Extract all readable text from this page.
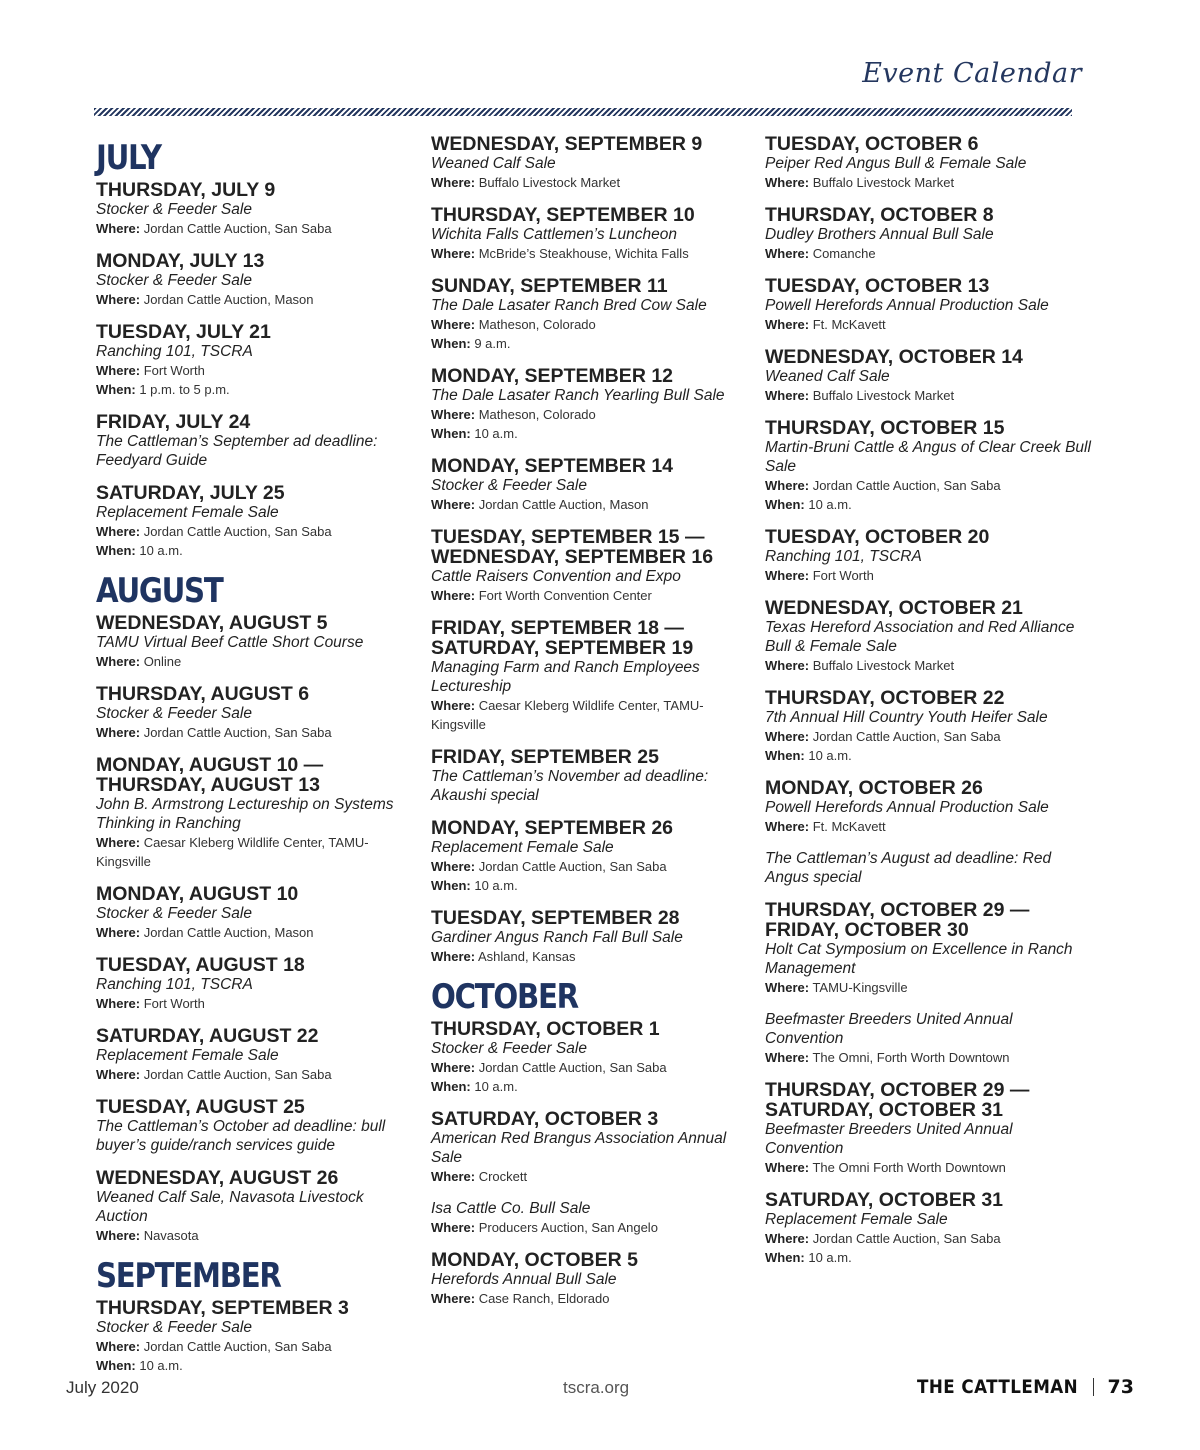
Event Calendar
JULY
THURSDAY, JULY 9
Stocker & Feeder Sale
Where: Jordan Cattle Auction, San Saba
MONDAY, JULY 13
Stocker & Feeder Sale
Where: Jordan Cattle Auction, Mason
TUESDAY, JULY 21
Ranching 101, TSCRA
Where: Fort Worth
When: 1 p.m. to 5 p.m.
FRIDAY, JULY 24
The Cattleman’s September ad deadline: Feedyard Guide
SATURDAY, JULY 25
Replacement Female Sale
Where: Jordan Cattle Auction, San Saba
When: 10 a.m.
AUGUST
WEDNESDAY, AUGUST 5
TAMU Virtual Beef Cattle Short Course
Where: Online
THURSDAY, AUGUST 6
Stocker & Feeder Sale
Where: Jordan Cattle Auction, San Saba
MONDAY, AUGUST 10 — THURSDAY, AUGUST 13
John B. Armstrong Lectureship on Systems Thinking in Ranching
Where: Caesar Kleberg Wildlife Center, TAMU-Kingsville
MONDAY, AUGUST 10
Stocker & Feeder Sale
Where: Jordan Cattle Auction, Mason
TUESDAY, AUGUST 18
Ranching 101, TSCRA
Where: Fort Worth
SATURDAY, AUGUST 22
Replacement Female Sale
Where: Jordan Cattle Auction, San Saba
TUESDAY, AUGUST 25
The Cattleman’s October ad deadline: bull buyer’s guide/ranch services guide
WEDNESDAY, AUGUST 26
Weaned Calf Sale, Navasota Livestock Auction
Where: Navasota
SEPTEMBER
THURSDAY, SEPTEMBER 3
Stocker & Feeder Sale
Where: Jordan Cattle Auction, San Saba
When: 10 a.m.
WEDNESDAY, SEPTEMBER 9
Weaned Calf Sale
Where: Buffalo Livestock Market
THURSDAY, SEPTEMBER 10
Wichita Falls Cattlemen’s Luncheon
Where: McBride’s Steakhouse, Wichita Falls
SUNDAY, SEPTEMBER 11
The Dale Lasater Ranch Bred Cow Sale
Where: Matheson, Colorado
When: 9 a.m.
MONDAY, SEPTEMBER 12
The Dale Lasater Ranch Yearling Bull Sale
Where: Matheson, Colorado
When: 10 a.m.
MONDAY, SEPTEMBER 14
Stocker & Feeder Sale
Where: Jordan Cattle Auction, Mason
TUESDAY, SEPTEMBER 15 — WEDNESDAY, SEPTEMBER 16
Cattle Raisers Convention and Expo
Where: Fort Worth Convention Center
FRIDAY, SEPTEMBER 18 — SATURDAY, SEPTEMBER 19
Managing Farm and Ranch Employees Lectureship
Where: Caesar Kleberg Wildlife Center, TAMU-Kingsville
FRIDAY, SEPTEMBER 25
The Cattleman’s November ad deadline: Akaushi special
MONDAY, SEPTEMBER 26
Replacement Female Sale
Where: Jordan Cattle Auction, San Saba
When: 10 a.m.
TUESDAY, SEPTEMBER 28
Gardiner Angus Ranch Fall Bull Sale
Where: Ashland, Kansas
OCTOBER
THURSDAY, OCTOBER 1
Stocker & Feeder Sale
Where: Jordan Cattle Auction, San Saba
When: 10 a.m.
SATURDAY, OCTOBER 3
American Red Brangus Association Annual Sale
Where: Crockett
Isa Cattle Co. Bull Sale
Where: Producers Auction, San Angelo
MONDAY, OCTOBER 5
Herefords Annual Bull Sale
Where: Case Ranch, Eldorado
TUESDAY, OCTOBER 6
Peiper Red Angus Bull & Female Sale
Where: Buffalo Livestock Market
THURSDAY, OCTOBER 8
Dudley Brothers Annual Bull Sale
Where: Comanche
TUESDAY, OCTOBER 13
Powell Herefords Annual Production Sale
Where: Ft. McKavett
WEDNESDAY, OCTOBER 14
Weaned Calf Sale
Where: Buffalo Livestock Market
THURSDAY, OCTOBER 15
Martin-Bruni Cattle & Angus of Clear Creek Bull Sale
Where: Jordan Cattle Auction, San Saba
When: 10 a.m.
TUESDAY, OCTOBER 20
Ranching 101, TSCRA
Where: Fort Worth
WEDNESDAY, OCTOBER 21
Texas Hereford Association and Red Alliance Bull & Female Sale
Where: Buffalo Livestock Market
THURSDAY, OCTOBER 22
7th Annual Hill Country Youth Heifer Sale
Where: Jordan Cattle Auction, San Saba
When: 10 a.m.
MONDAY, OCTOBER 26
Powell Herefords Annual Production Sale
Where: Ft. McKavett
The Cattleman’s August ad deadline: Red Angus special
THURSDAY, OCTOBER 29 — FRIDAY, OCTOBER 30
Holt Cat Symposium on Excellence in Ranch Management
Where: TAMU-Kingsville
Beefmaster Breeders United Annual Convention
Where: The Omni, Forth Worth Downtown
THURSDAY, OCTOBER 29 — SATURDAY, OCTOBER 31
Beefmaster Breeders United Annual Convention
Where: The Omni Forth Worth Downtown
SATURDAY, OCTOBER 31
Replacement Female Sale
Where: Jordan Cattle Auction, San Saba
When: 10 a.m.
July 2020	tscra.org	THE CATTLEMAN 73
